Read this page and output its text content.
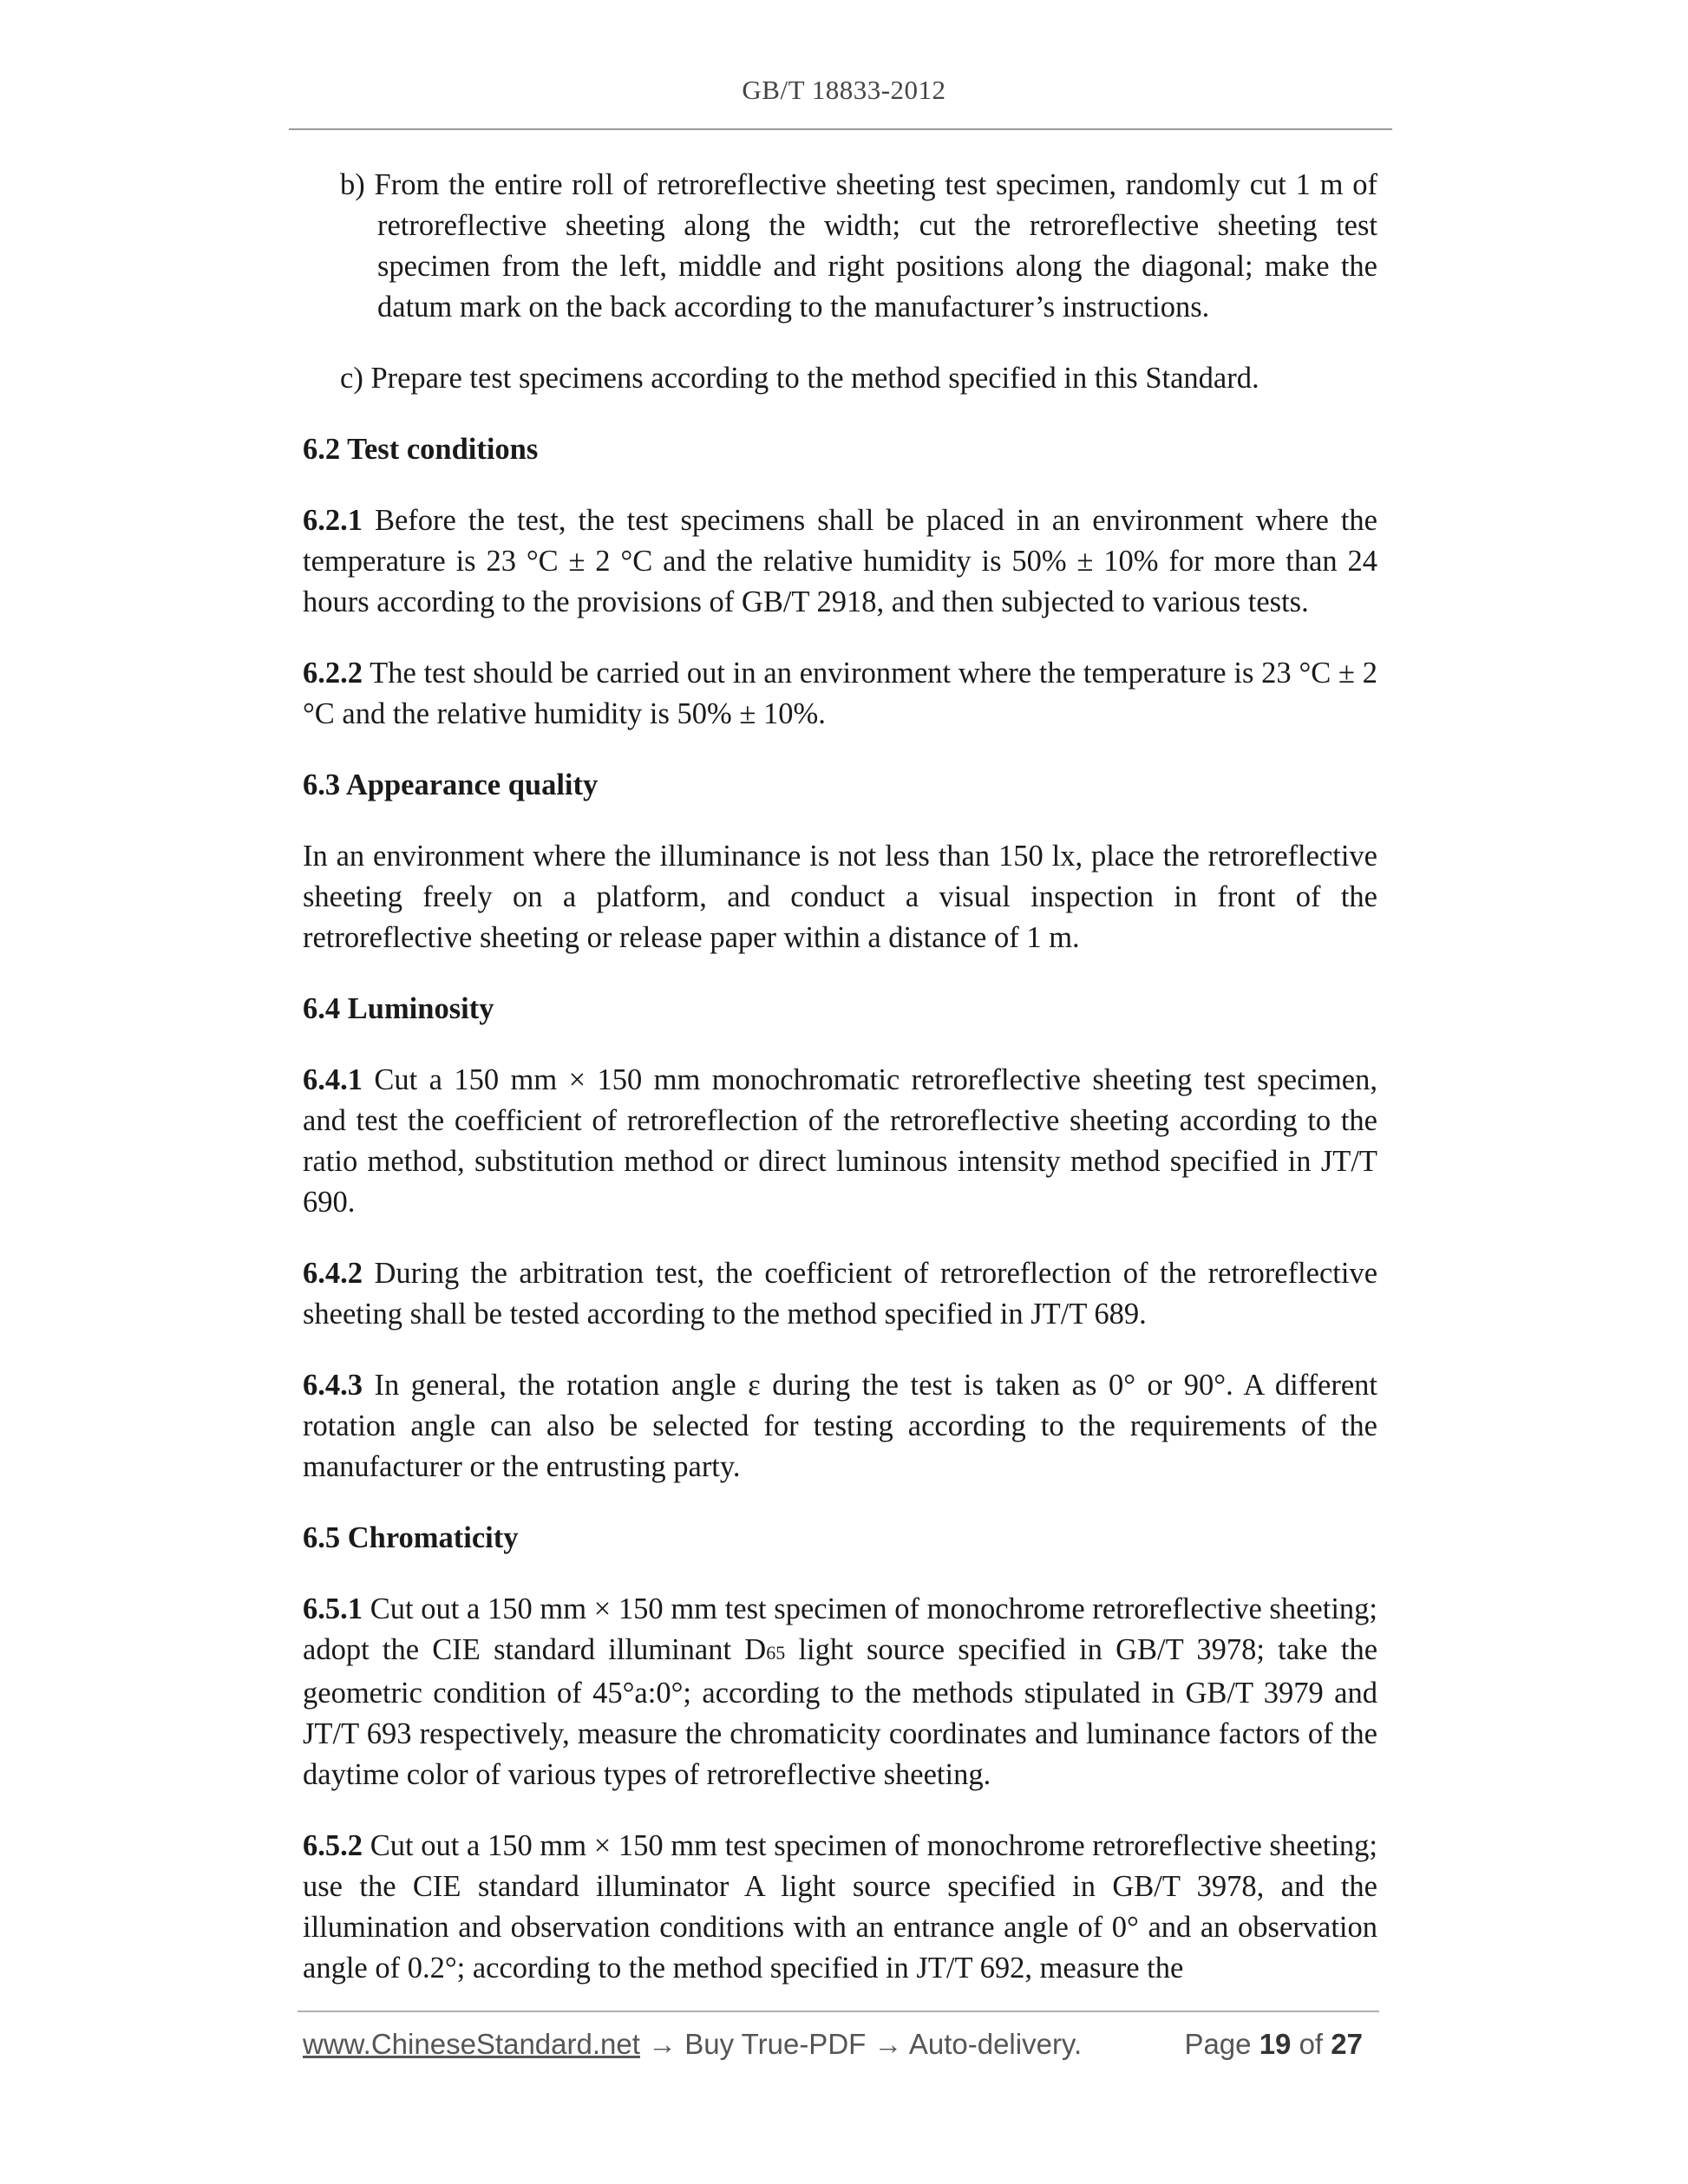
GB/T 18833-2012

b) From the entire roll of retroreflective sheeting test specimen, randomly cut 1 m of retroreflective sheeting along the width; cut the retroreflective sheeting test specimen from the left, middle and right positions along the diagonal; make the datum mark on the back according to the manufacturer’s instructions.

c) Prepare test specimens according to the method specified in this Standard.

6.2 Test conditions

6.2.1 Before the test, the test specimens shall be placed in an environment where the temperature is 23 °C ± 2 °C and the relative humidity is 50% ± 10% for more than 24 hours according to the provisions of GB/T 2918, and then subjected to various tests.

6.2.2 The test should be carried out in an environment where the temperature is 23 °C ± 2 °C and the relative humidity is 50% ± 10%.

6.3 Appearance quality

In an environment where the illuminance is not less than 150 lx, place the retroreflective sheeting freely on a platform, and conduct a visual inspection in front of the retroreflective sheeting or release paper within a distance of 1 m.

6.4 Luminosity

6.4.1 Cut a 150 mm × 150 mm monochromatic retroreflective sheeting test specimen, and test the coefficient of retroreflection of the retroreflective sheeting according to the ratio method, substitution method or direct luminous intensity method specified in JT/T 690.

6.4.2 During the arbitration test, the coefficient of retroreflection of the retroreflective sheeting shall be tested according to the method specified in JT/T 689.

6.4.3 In general, the rotation angle ε during the test is taken as 0° or 90°. A different rotation angle can also be selected for testing according to the requirements of the manufacturer or the entrusting party.

6.5 Chromaticity

6.5.1 Cut out a 150 mm × 150 mm test specimen of monochrome retroreflective sheeting; adopt the CIE standard illuminant D65 light source specified in GB/T 3978; take the geometric condition of 45°a:0°; according to the methods stipulated in GB/T 3979 and JT/T 693 respectively, measure the chromaticity coordinates and luminance factors of the daytime color of various types of retroreflective sheeting.

6.5.2 Cut out a 150 mm × 150 mm test specimen of monochrome retroreflective sheeting; use the CIE standard illuminator A light source specified in GB/T 3978, and the illumination and observation conditions with an entrance angle of 0° and an observation angle of 0.2°; according to the method specified in JT/T 692, measure the

www.ChineseStandard.net → Buy True-PDF → Auto-delivery.	Page 19 of 27
